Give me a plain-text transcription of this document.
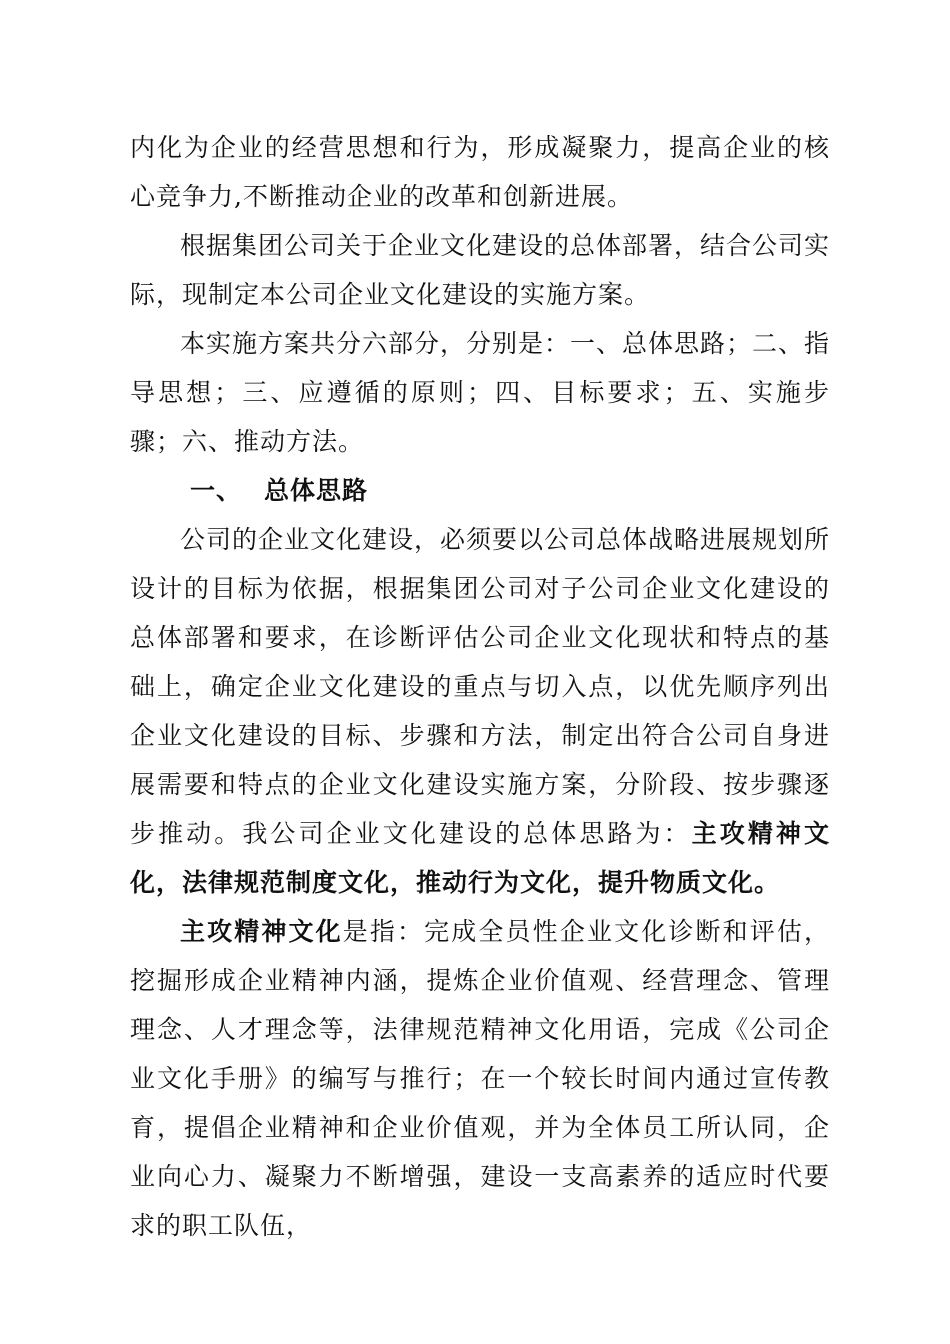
内化为企业的经营思想和行为，形成凝聚力，提高企业的核心竞争力,不断推动企业的改革和创新进展。

根据集团公司关于企业文化建设的总体部署，结合公司实际，现制定本公司企业文化建设的实施方案。

本实施方案共分六部分，分别是：一、总体思路；二、指导思想；三、应遵循的原则；四、目标要求；五、实施步骤；六、推动方法。

一、 总体思路

公司的企业文化建设，必须要以公司总体战略进展规划所设计的目标为依据，根据集团公司对子公司企业文化建设的总体部署和要求，在诊断评估公司企业文化现状和特点的基础上，确定企业文化建设的重点与切入点，以优先顺序列出企业文化建设的目标、步骤和方法，制定出符合公司自身进展需要和特点的企业文化建设实施方案，分阶段、按步骤逐步推动。我公司企业文化建设的总体思路为：主攻精神文化，法律规范制度文化，推动行为文化，提升物质文化。

主攻精神文化是指：完成全员性企业文化诊断和评估，挖掘形成企业精神内涵，提炼企业价值观、经营理念、管理理念、人才理念等，法律规范精神文化用语，完成《公司企业文化手册》的编写与推行；在一个较长时间内通过宣传教育，提倡企业精神和企业价值观，并为全体员工所认同，企业向心力、凝聚力不断增强，建设一支高素养的适应时代要求的职工队伍，
